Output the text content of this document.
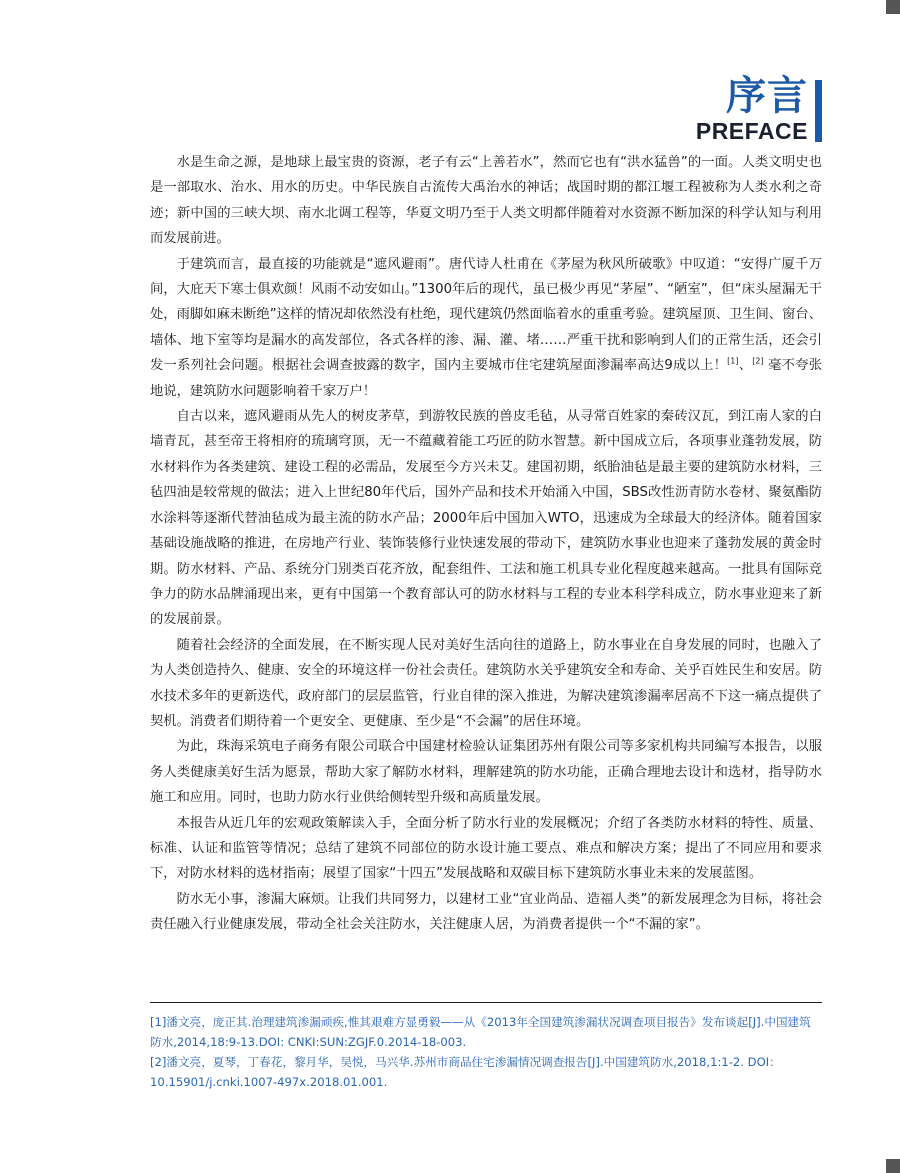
序言
PREFACE

水是生命之源，是地球上最宝贵的资源，老子有云“上善若水”，然而它也有“洪水猛兽”的一面。人类文明史也是一部取水、治水、用水的历史。中华民族自古流传大禹治水的神话；战国时期的都江堰工程被称为人类水利之奇迹；新中国的三峡大坝、南水北调工程等，华夏文明乃至于人类文明都伴随着对水资源不断加深的科学认知与利用而发展前进。

于建筑而言，最直接的功能就是“遮风避雨”。唐代诗人杜甫在《茅屋为秋风所破歌》中叹道：“安得广厦千万间，大庇天下寒士俱欢颜！风雨不动安如山。”1300年后的现代，虽已极少再见“茅屋”、“陋室”，但“床头屋漏无干处，雨脚如麻未断绝”这样的情况却依然没有杜绝，现代建筑仍然面临着水的重重考验。建筑屋顶、卫生间、窗台、墙体、地下室等均是漏水的高发部位，各式各样的渗、漏、灌、堵……严重干扰和影响到人们的正常生活，还会引发一系列社会问题。根据社会调查披露的数字，国内主要城市住宅建筑屋面渗漏率高达9成以上！[1]、[2] 毫不夸张地说，建筑防水问题影响着千家万户！

自古以来，遮风避雨从先人的树皮茅草，到游牧民族的兽皮毛毡，从寻常百姓家的秦砖汉瓦，到江南人家的白墙青瓦，甚至帝王将相府的琉璃穹顶，无一不蕴藏着能工巧匠的防水智慧。新中国成立后，各项事业蓬勃发展，防水材料作为各类建筑、建设工程的必需品，发展至今方兴未艾。建国初期，纸胎油毡是最主要的建筑防水材料，三毡四油是较常规的做法；进入上世纪80年代后，国外产品和技术开始涌入中国，SBS改性沥青防水卷材、聚氨酯防水涂料等逐渐代替油毡成为最主流的防水产品；2000年后中国加入WTO，迅速成为全球最大的经济体。随着国家基础设施战略的推进，在房地产行业、装饰装修行业快速发展的带动下，建筑防水事业也迎来了蓬勃发展的黄金时期。防水材料、产品、系统分门别类百花齐放，配套组件、工法和施工机具专业化程度越来越高。一批具有国际竞争力的防水品牌涌现出来，更有中国第一个教育部认可的防水材料与工程的专业本科学科成立，防水事业迎来了新的发展前景。

随着社会经济的全面发展，在不断实现人民对美好生活向往的道路上，防水事业在自身发展的同时，也融入了为人类创造持久、健康、安全的环境这样一份社会责任。建筑防水关乎建筑安全和寿命、关乎百姓民生和安居。防水技术多年的更新迭代，政府部门的层层监管，行业自律的深入推进，为解决建筑渗漏率居高不下这一痛点提供了契机。消费者们期待着一个更安全、更健康、至少是“不会漏”的居住环境。

为此，珠海采筑电子商务有限公司联合中国建材检验认证集团苏州有限公司等多家机构共同编写本报告，以服务人类健康美好生活为愿景，帮助大家了解防水材料，理解建筑的防水功能，正确合理地去设计和选材，指导防水施工和应用。同时，也助力防水行业供给侧转型升级和高质量发展。

本报告从近几年的宏观政策解读入手，全面分析了防水行业的发展概况；介绍了各类防水材料的特性、质量、标准、认证和监管等情况；总结了建筑不同部位的防水设计施工要点、难点和解决方案；提出了不同应用和要求下，对防水材料的选材指南；展望了国家“十四五”发展战略和双碳目标下建筑防水事业未来的发展蓝图。

防水无小事，渗漏大麻烦。让我们共同努力，以建材工业“宜业尚品、造福人类”的新发展理念为目标，将社会责任融入行业健康发展，带动全社会关注防水，关注健康人居，为消费者提供一个“不漏的家”。

[1]潘文亮，庞正其.治理建筑渗漏顽疾,惟其艰难方显勇毅——从《2013年全国建筑渗漏状况调查项目报告》发布谈起[J].中国建筑防水,2014,18:9-13.DOI: CNKI:SUN:ZGJF.0.2014-18-003.

[2]潘文亮，夏琴，丁春花，黎月华，吴悦，马兴华.苏州市商品住宅渗漏情况调查报告[J].中国建筑防水,2018,1:1-2. DOI：10.15901/j.cnki.1007-497x.2018.01.001.
